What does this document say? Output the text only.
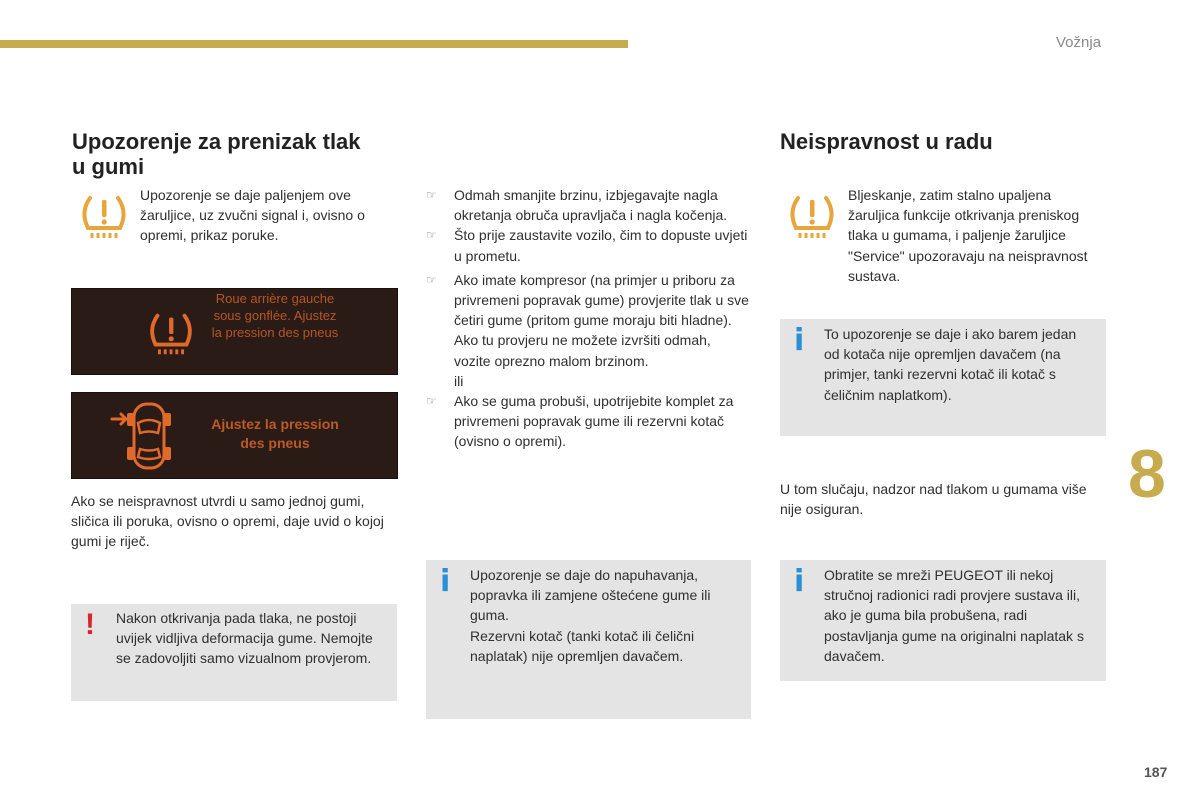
Vožnja
8
187
Upozorenje za prenizak tlak
u gumi
Upozorenje se daje paljenjem ove žaruljice, uz zvučni signal i, ovisno o opremi, prikaz poruke.
Roue arrière gauche sous gonflée. Ajustez la pression des pneus
Ajustez la pression des pneus
Ako se neispravnost utvrdi u samo jednoj gumi, sličica ili poruka, ovisno o opremi, daje uvid o kojoj gumi je riječ.
! Nakon otkrivanja pada tlaka, ne postoji uvijek vidljiva deformacija gume. Nemojte se zadovoljiti samo vizualnom provjerom.
☞ Odmah smanjite brzinu, izbjegavajte nagla okretanja obruča upravljača i nagla kočenja.
☞ Što prije zaustavite vozilo, čim to dopuste uvjeti u prometu.
☞ Ako imate kompresor (na primjer u priboru za privremeni popravak gume) provjerite tlak u sve četiri gume (pritom gume moraju biti hladne).
Ako tu provjeru ne možete izvršiti odmah, vozite oprezno malom brzinom.
ili
☞ Ako se guma probuši, upotrijebite komplet za privremeni popravak gume ili rezervni kotač (ovisno o opremi).
i Upozorenje se daje do napuhavanja, popravka ili zamjene oštećene gume ili guma.

Rezervni kotač (tanki kotač ili čelični naplatak) nije opremljen davačem.

Neispravnost u radu
Bljeskanje, zatim stalno upaljena žaruljica funkcije otkrivanja preniskog tlaka u gumama, i paljenje žaruljice "Service" upozoravaju na neispravnost sustava.
i To upozorenje se daje i ako barem jedan od kotača nije opremljen davačem (na primjer, tanki rezervni kotač ili kotač s čeličnim naplatkom).
U tom slučaju, nadzor nad tlakom u gumama više nije osiguran.
i Obratite se mreži PEUGEOT ili nekoj stručnoj radionici radi provjere sustava ili, ako je guma bila probušena, radi postavljanja gume na originalni naplatak s davačem.
